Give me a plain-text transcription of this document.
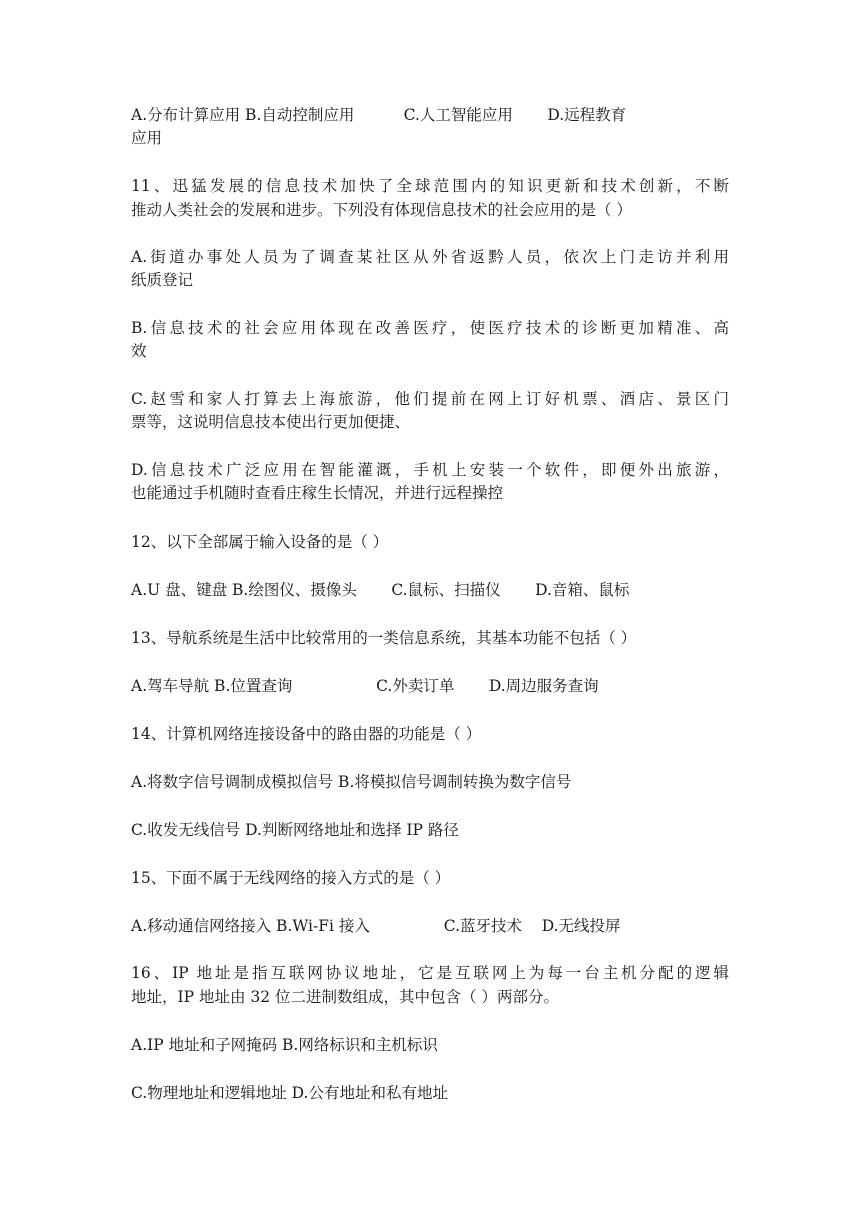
A.分布计算应用 B.自动控制应用          C.人工智能应用       D.远程教育
应用
11、迅猛发展的信息技术加快了全球范围内的知识更新和技术创新，不断
推动人类社会的发展和进步。下列没有体现信息技术的社会应用的是（ ）
A.街道办事处人员为了调查某社区从外省返黔人员，依次上门走访并利用
纸质登记
B.信息技术的社会应用体现在改善医疗，使医疗技术的诊断更加精准、高
效
C.赵雪和家人打算去上海旅游，他们提前在网上订好机票、酒店、景区门
票等，这说明信息技本使出行更加便捷、
D.信息技术广泛应用在智能灌溉，手机上安装一个软件，即便外出旅游，
也能通过手机随时查看庄稼生长情况，并进行远程操控
12、以下全部属于输入设备的是（ ）
A.U 盘、键盘 B.绘图仪、摄像头       C.鼠标、扫描仪       D.音箱、鼠标
13、导航系统是生活中比较常用的一类信息系统，其基本功能不包括（ ）
A.驾车导航 B.位置查询                 C.外卖订单       D.周边服务查询
14、计算机网络连接设备中的路由器的功能是（ ）
A.将数字信号调制成模拟信号 B.将模拟信号调制转换为数字信号
C.收发无线信号 D.判断网络地址和选择 IP 路径
15、下面不属于无线网络的接入方式的是（ ）
A.移动通信网络接入 B.Wi-Fi 接入               C.蓝牙技术    D.无线投屏
16、IP 地址是指互联网协议地址，它是互联网上为每一台主机分配的逻辑
地址，IP 地址由 32 位二进制数组成，其中包含（ ）两部分。
A.IP 地址和子网掩码 B.网络标识和主机标识
C.物理地址和逻辑地址 D.公有地址和私有地址
